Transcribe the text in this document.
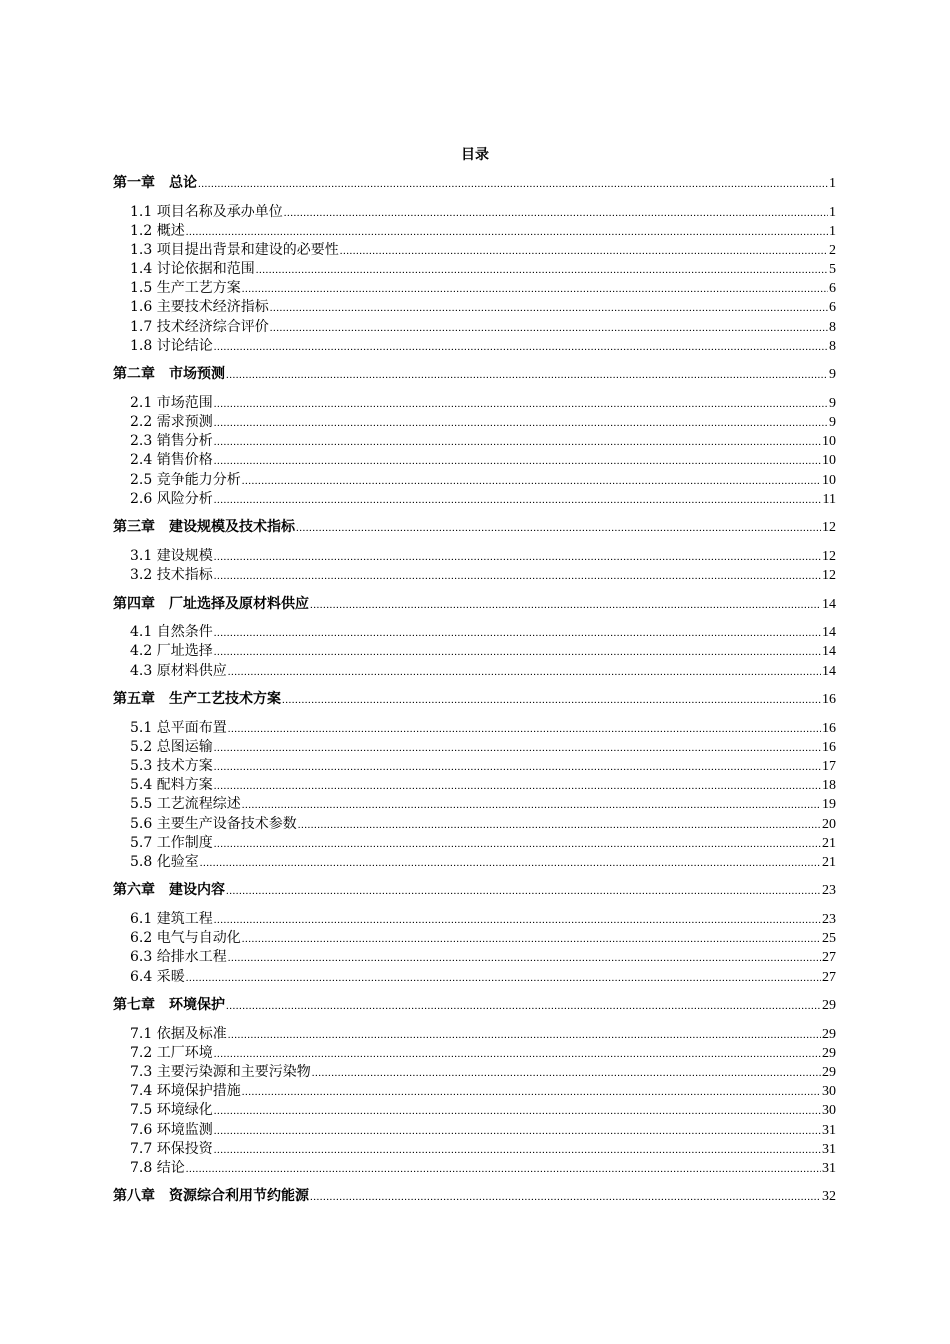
目录
第一章　 总论 .....	1
1.1 项目名称及承办单位 .....	1
1.2 概述 .....	1
1.3 项目提出背景和建设的必要性 .....	2
1.4 讨论依据和范围 .....	5
1.5 生产工艺方案 .....	6
1.6 主要技术经济指标 .....	6
1.7 技术经济综合评价 .....	8
1.8 讨论结论 .....	8
第二章　 市场预测 .....	9
2.1 市场范围 .....	9
2.2 需求预测 .....	9
2.3 销售分析 .....	10
2.4 销售价格 .....	10
2.5 竞争能力分析 .....	10
2.6 风险分析 .....	11
第三章　 建设规模及技术指标 .....	12
3.1 建设规模 .....	12
3.2 技术指标 .....	12
第四章　 厂址选择及原材料供应 .....	14
4.1 自然条件 .....	14
4.2 厂址选择 .....	14
4.3 原材料供应 .....	14
第五章　 生产工艺技术方案 .....	16
5.1 总平面布置 .....	16
5.2 总图运输 .....	16
5.3 技术方案 .....	17
5.4 配料方案 .....	18
5.5 工艺流程综述 .....	19
5.6 主要生产设备技术参数 .....	20
5.7 工作制度 .....	21
5.8 化验室 .....	21
第六章　 建设内容 .....	23
6.1 建筑工程 .....	23
6.2 电气与自动化 .....	25
6.3 给排水工程 .....	27
6.4 采暖 .....	27
第七章　 环境保护 .....	29
7.1 依据及标准 .....	29
7.2 工厂环境 .....	29
7.3 主要污染源和主要污染物 .....	29
7.4 环境保护措施 .....	30
7.5 环境绿化 .....	30
7.6 环境监测 .....	31
7.7 环保投资 .....	31
7.8 结论 .....	31
第八章　 资源综合利用节约能源 .....	32
